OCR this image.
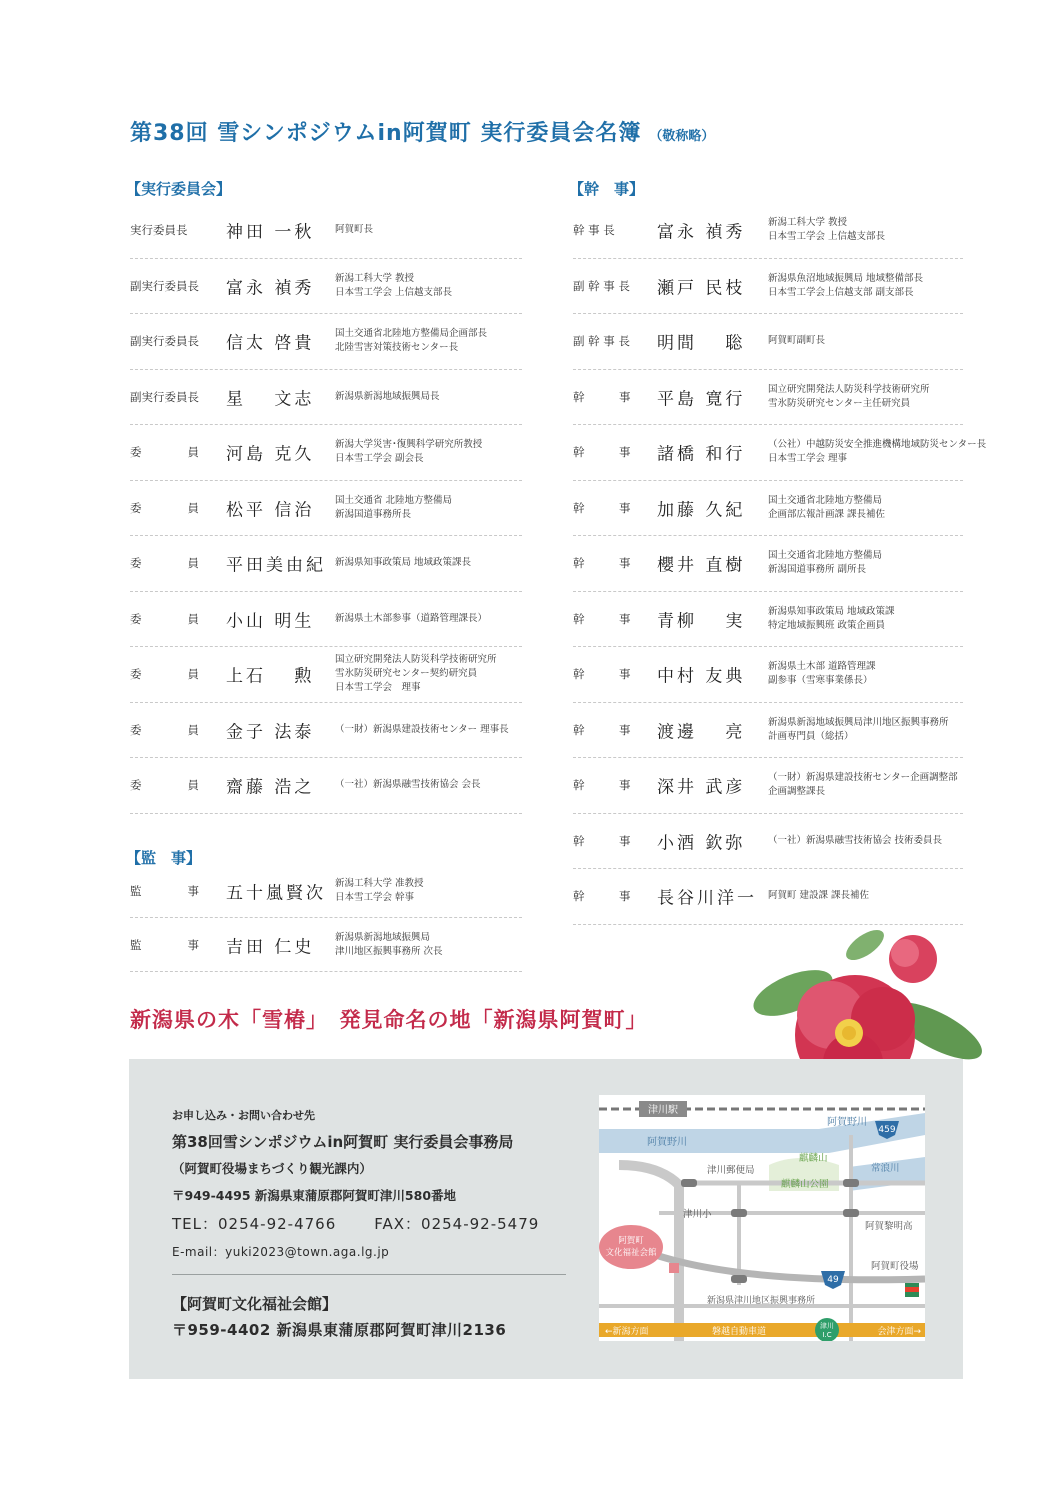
第38回 雪シンポジウムin阿賀町 実行委員会名簿 （敬称略）
【実行委員会】	【幹　事】
【監　事】
実行委員長	神田 一秋 阿賀町長
副実行委員長	富永 禎秀 新潟工科大学 教授
日本雪工学会 上信越支部長
副実行委員長	信太 啓貴 国土交通省北陸地方整備局企画部長
北陸雪害対策技術センター長
副実行委員長	星　 文志 新潟県新潟地域振興局長
委　　　　員	河島 克久 新潟大学災害･復興科学研究所教授
日本雪工学会 副会長
委　　　　員	松平 信治 国土交通省 北陸地方整備局
新潟国道事務所長
委　　　　員	平田美由紀 新潟県知事政策局 地域政策課長
委　　　　員	小山 明生 新潟県土木部参事（道路管理課長）
委　　　　員	上石　 勲
国立研究開発法人防災科学技術研究所
雪氷防災研究センター契約研究員
日本雪工学会　理事
委　　　　員	金子 法泰 （一財）新潟県建設技術センター 理事長
委　　　　員	齋藤 浩之 （一社）新潟県融雪技術協会 会長
監　　　　事	五十嵐賢次 新潟工科大学 准教授
日本雪工学会 幹事
監　　　　事	吉田 仁史 新潟県新潟地域振興局
津川地区振興事務所 次長
幹 事 長	富永 禎秀 新潟工科大学 教授
日本雪工学会 上信越支部長
副 幹 事 長	瀬戸 民枝 新潟県魚沼地域振興局 地域整備部長
日本雪工学会上信越支部 副支部長
副 幹 事 長	明間　 聡 阿賀町副町長
幹　　　事	平島 寛行 国立研究開発法人防災科学技術研究所
雪氷防災研究センター主任研究員
幹　　　事	諸橋 和行 （公社）中越防災安全推進機構地域防災センター長
日本雪工学会 理事
幹　　　事	加藤 久紀 国土交通省北陸地方整備局
企画部広報計画課 課長補佐
幹　　　事	櫻井 直樹 国土交通省北陸地方整備局
新潟国道事務所 副所長
幹　　　事	青柳　 実 新潟県知事政策局 地域政策課
特定地域振興班 政策企画員
幹　　　事	中村 友典 新潟県土木部 道路管理課
副参事（雪寒事業係長）
幹　　　事	渡邊　 亮 新潟県新潟地域振興局津川地区振興事務所
計画専門員（総括）
幹　　　事	深井 武彦 （一財）新潟県建設技術センター企画調整部
企画調整課長
幹　　　事	小酒 欽弥 （一社）新潟県融雪技術協会 技術委員長
幹　　　事	長谷川洋一 阿賀町 建設課 課長補佐
新潟県の木「雪椿」　発見命名の地「新潟県阿賀町」
お申し込み・お問い合わせ先
第38回雪シンポジウムin阿賀町 実行委員会事務局
（阿賀町役場まちづくり観光課内）
〒949-4495 新潟県東蒲原郡阿賀町津川580番地
TEL：0254-92-4766	FAX：0254-92-5479
E-mail：yuki2023@town.aga.lg.jp
【阿賀町文化福祉会館】
〒959-4402 新潟県東蒲原郡阿賀町津川2136
津川駅
阿賀野川
阿賀野川
459
49
麒麟山
麒麟山公園
津川郵便局
津川小
常浪川
阿賀黎明高
阿賀町役場
新潟県津川地区振興事務所
阿賀町
文化福祉会館
←新潟方面	磐越自動車道
津川
I.C	会津方面→
